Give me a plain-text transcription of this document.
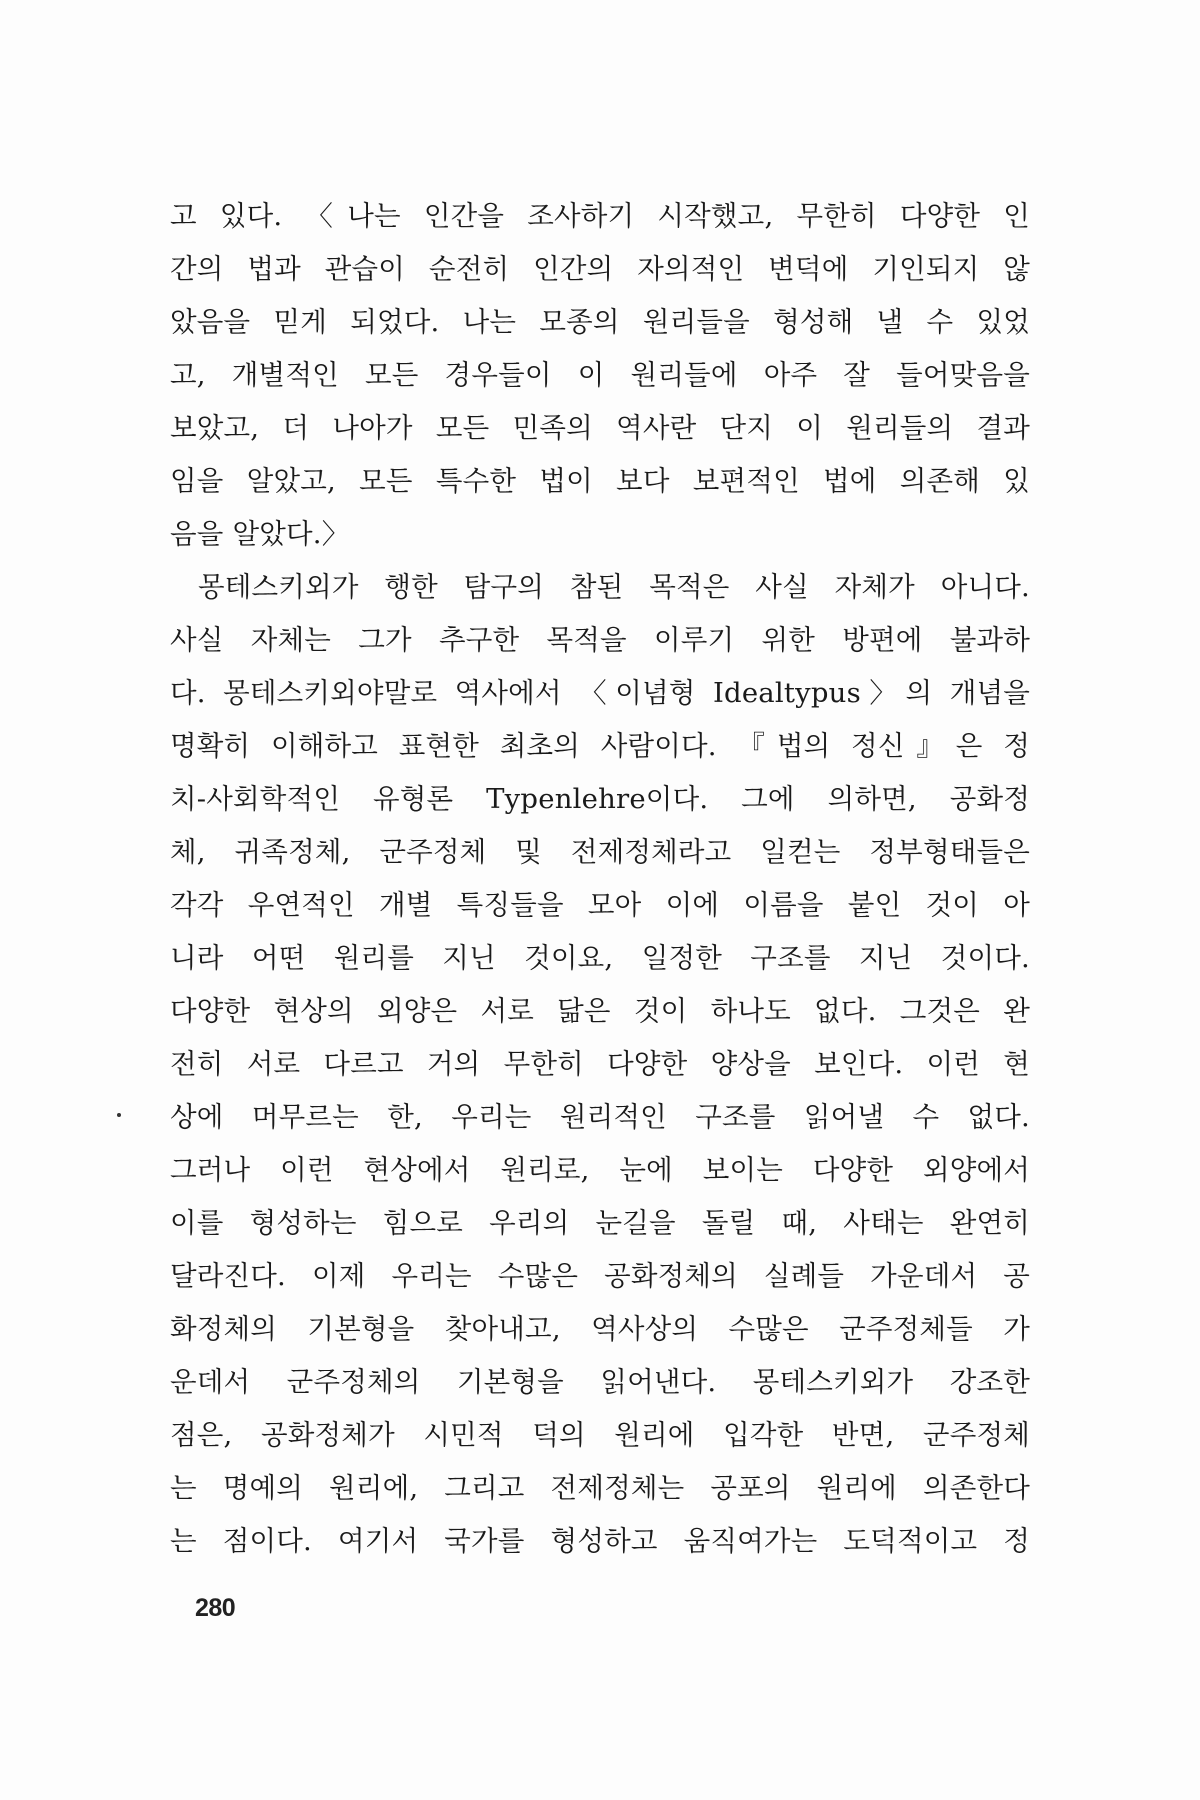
고 있다. 〈나는 인간을 조사하기 시작했고, 무한히 다양한 인
간의 법과 관습이 순전히 인간의 자의적인 변덕에 기인되지 않
았음을 믿게 되었다. 나는 모종의 원리들을 형성해 낼 수 있었
고, 개별적인 모든 경우들이 이 원리들에 아주 잘 들어맞음을
보았고, 더 나아가 모든 민족의 역사란 단지 이 원리들의 결과
임을 알았고, 모든 특수한 법이 보다 보편적인 법에 의존해 있
음을 알았다.〉
몽테스키외가 행한 탐구의 참된 목적은 사실 자체가 아니다.
사실 자체는 그가 추구한 목적을 이루기 위한 방편에 불과하
다. 몽테스키외야말로 역사에서 〈이념형 Idealtypus〉의 개념을
명확히 이해하고 표현한 최초의 사람이다. 『법의 정신』은 정
치-사회학적인 유형론 Typenlehre이다. 그에 의하면, 공화정
체, 귀족정체, 군주정체 및 전제정체라고 일컫는 정부형태들은
각각 우연적인 개별 특징들을 모아 이에 이름을 붙인 것이 아
니라 어떤 원리를 지닌 것이요, 일정한 구조를 지닌 것이다.
다양한 현상의 외양은 서로 닮은 것이 하나도 없다. 그것은 완
전히 서로 다르고 거의 무한히 다양한 양상을 보인다. 이런 현
상에 머무르는 한, 우리는 원리적인 구조를 읽어낼 수 없다.
그러나 이런 현상에서 원리로, 눈에 보이는 다양한 외양에서
이를 형성하는 힘으로 우리의 눈길을 돌릴 때, 사태는 완연히
달라진다. 이제 우리는 수많은 공화정체의 실례들 가운데서 공
화정체의 기본형을 찾아내고, 역사상의 수많은 군주정체들 가
운데서 군주정체의 기본형을 읽어낸다. 몽테스키외가 강조한
점은, 공화정체가 시민적 덕의 원리에 입각한 반면, 군주정체
는 명예의 원리에, 그리고 전제정체는 공포의 원리에 의존한다
는 점이다. 여기서 국가를 형성하고 움직여가는 도덕적이고 정
280
